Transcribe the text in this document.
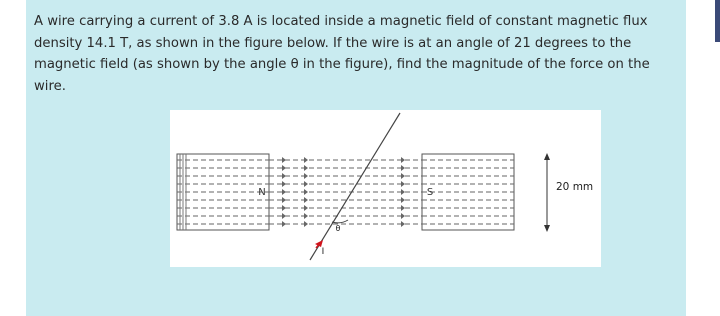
A wire carrying a current of 3.8 A is located inside a magnetic field of constant magnetic flux density 14.1 T, as shown in the figure below. If the wire is at an angle of 21 degrees to the magnetic field (as shown by the angle θ in the figure), find the magnitude of the force on the wire.

N	S
θ
I
20 mm
